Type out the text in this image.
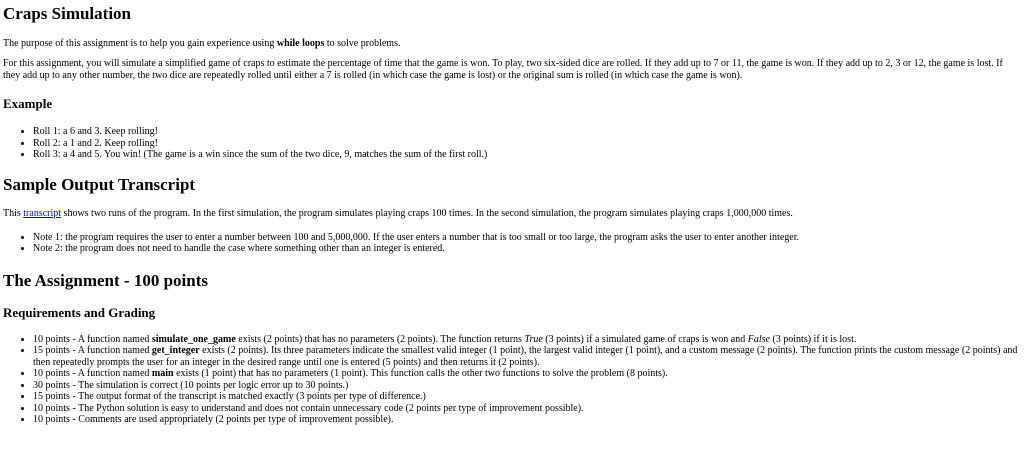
Craps Simulation

The purpose of this assignment is to help you gain experience using while loops to solve problems.

For this assignment, you will simulate a simplified game of craps to estimate the percentage of time that the game is won. To play, two six-sided dice are rolled. If they add up to 7 or 11, the game is won. If they add up to 2, 3 or 12, the game is lost. If they add up to any other number, the two dice are repeatedly rolled until either a 7 is rolled (in which case the game is lost) or the original sum is rolled (in which case the game is won).

Example
• Roll 1: a 6 and 3. Keep rolling!
• Roll 2: a 1 and 2. Keep rolling!
• Roll 3: a 4 and 5. You win! (The game is a win since the sum of the two dice, 9, matches the sum of the first roll.)
Sample Output Transcript

This transcript shows two runs of the program. In the first simulation, the program simulates playing craps 100 times. In the second simulation, the program simulates playing craps 1,000,000 times.

• Note 1: the program requires the user to enter a number between 100 and 5,000,000. If the user enters a number that is too small or too large, the program asks the user to enter another integer.
• Note 2: the program does not need to handle the case where something other than an integer is entered.
The Assignment - 100 points
Requirements and Grading
• 10 points - A function named simulate_one_game exists (2 points) that has no parameters (2 points). The function returns True (3 points) if a simulated game of craps is won and False (3 points) if it is lost.
• 15 points - A function named get_integer exists (2 points). Its three parameters indicate the smallest valid integer (1 point), the largest valid integer (1 point), and a custom message (2 points). The function prints the custom message (2 points) and then repeatedly prompts the user for an integer in the desired range until one is entered (5 points) and then returns it (2 points).
• 10 points - A function named main exists (1 point) that has no parameters (1 point). This function calls the other two functions to solve the problem (8 points).
• 30 points - The simulation is correct (10 points per logic error up to 30 points.)
• 15 points - The output format of the transcript is matched exactly (3 points per type of difference.)
• 10 points - The Python solution is easy to understand and does not contain unnecessary code (2 points per type of improvement possible).
• 10 points - Comments are used appropriately (2 points per type of improvement possible).
